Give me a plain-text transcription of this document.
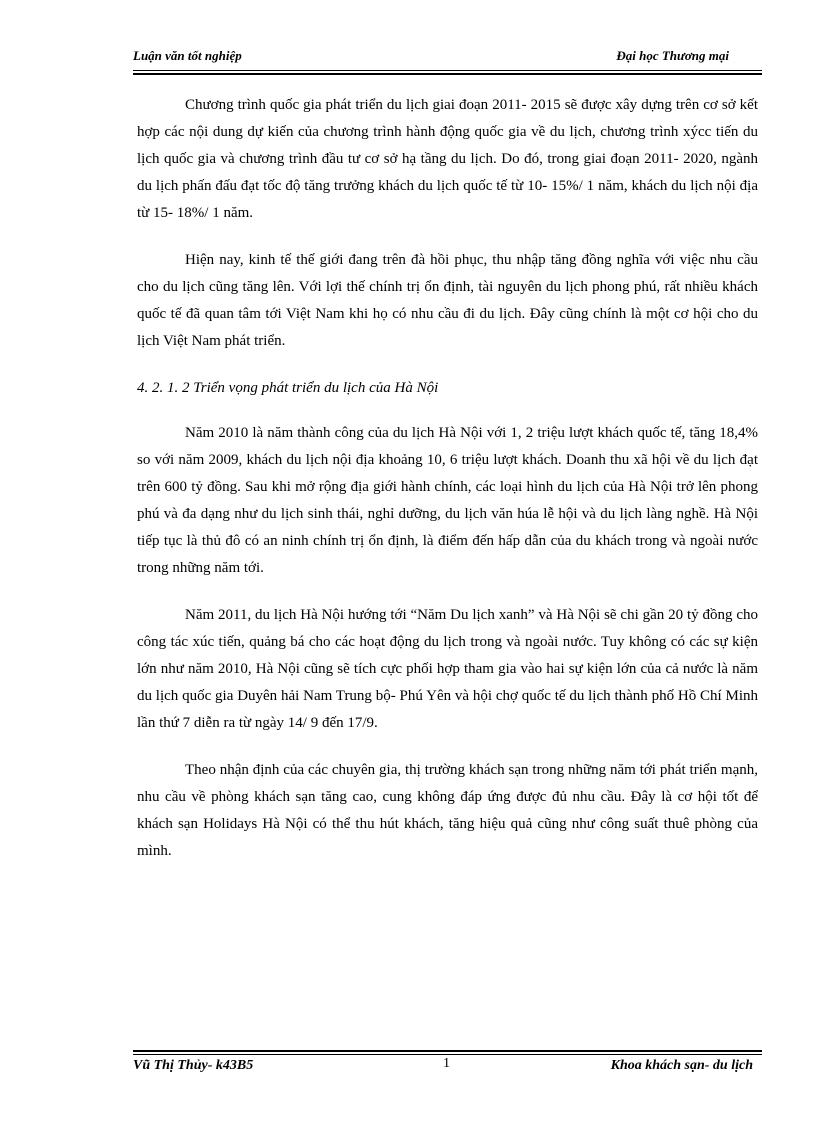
Luận văn tốt nghiệp	Đại học Thương mại

Chương trình quốc gia phát triển du lịch giai đoạn 2011- 2015 sẽ được xây dựng trên cơ sở kết hợp các nội dung dự kiến của chương trình hành động quốc gia về du lịch, chương trình xýcc tiến du lịch quốc gia và chương trình đầu tư cơ sở hạ tầng du lịch. Do đó, trong giai đoạn 2011- 2020, ngành du lịch phấn đấu đạt tốc độ tăng trưởng khách du lịch quốc tế từ 10- 15%/ 1 năm, khách du lịch nội địa từ 15- 18%/ 1 năm.

Hiện nay, kinh tế thế giới đang trên đà hồi phục, thu nhập tăng đồng nghĩa với việc nhu cầu cho du lịch cũng tăng lên. Với lợi thế chính trị ổn định, tài nguyên du lịch phong phú, rất nhiều khách quốc tế đã quan tâm tới Việt Nam khi họ có nhu cầu đi du lịch. Đây cũng chính là một cơ hội cho du lịch Việt Nam phát triển.

4. 2. 1. 2 Triển vọng phát triển du lịch của Hà Nội

Năm 2010 là năm thành công của du lịch Hà Nội với 1, 2 triệu lượt khách quốc tế, tăng 18,4% so với năm 2009, khách du lịch nội địa khoảng 10, 6 triệu lượt khách. Doanh thu xã hội về du lịch đạt trên 600 tỷ đồng. Sau khi mở rộng địa giới hành chính, các loại hình du lịch của Hà Nội trở lên phong phú và đa dạng như du lịch sinh thái, nghỉ dưỡng, du lịch văn húa lễ hội và du lịch làng nghề. Hà Nội tiếp tục là thủ đô có an ninh chính trị ổn định, là điểm đến hấp dẫn của du khách trong và ngoài nước trong những năm tới.

Năm 2011, du lịch Hà Nội hướng tới “Năm Du lịch xanh” và Hà Nội sẽ chi gần 20 tỷ đồng cho công tác xúc tiến, quảng bá cho các hoạt động du lịch trong và ngoài nước. Tuy không có các sự kiện lớn như năm 2010, Hà Nội cũng sẽ tích cực phối hợp tham gia vào hai sự kiện lớn của cả nước là năm du lịch quốc gia Duyên hải Nam Trung bộ- Phú Yên và hội chợ quốc tế du lịch thành phố Hồ Chí Minh lần thứ 7 diễn ra từ ngày 14/ 9 đến 17/9.

Theo nhận định của các chuyên gia, thị trường khách sạn trong những năm tới phát triển mạnh, nhu cầu về phòng khách sạn tăng cao, cung không đáp ứng được đủ nhu cầu. Đây là cơ hội tốt để khách sạn Holidays Hà Nội có thể thu hút khách, tăng hiệu quả cũng như công suất thuê phòng của mình.

Vũ Thị Thủy- k43B5	1	Khoa khách sạn- du lịch
